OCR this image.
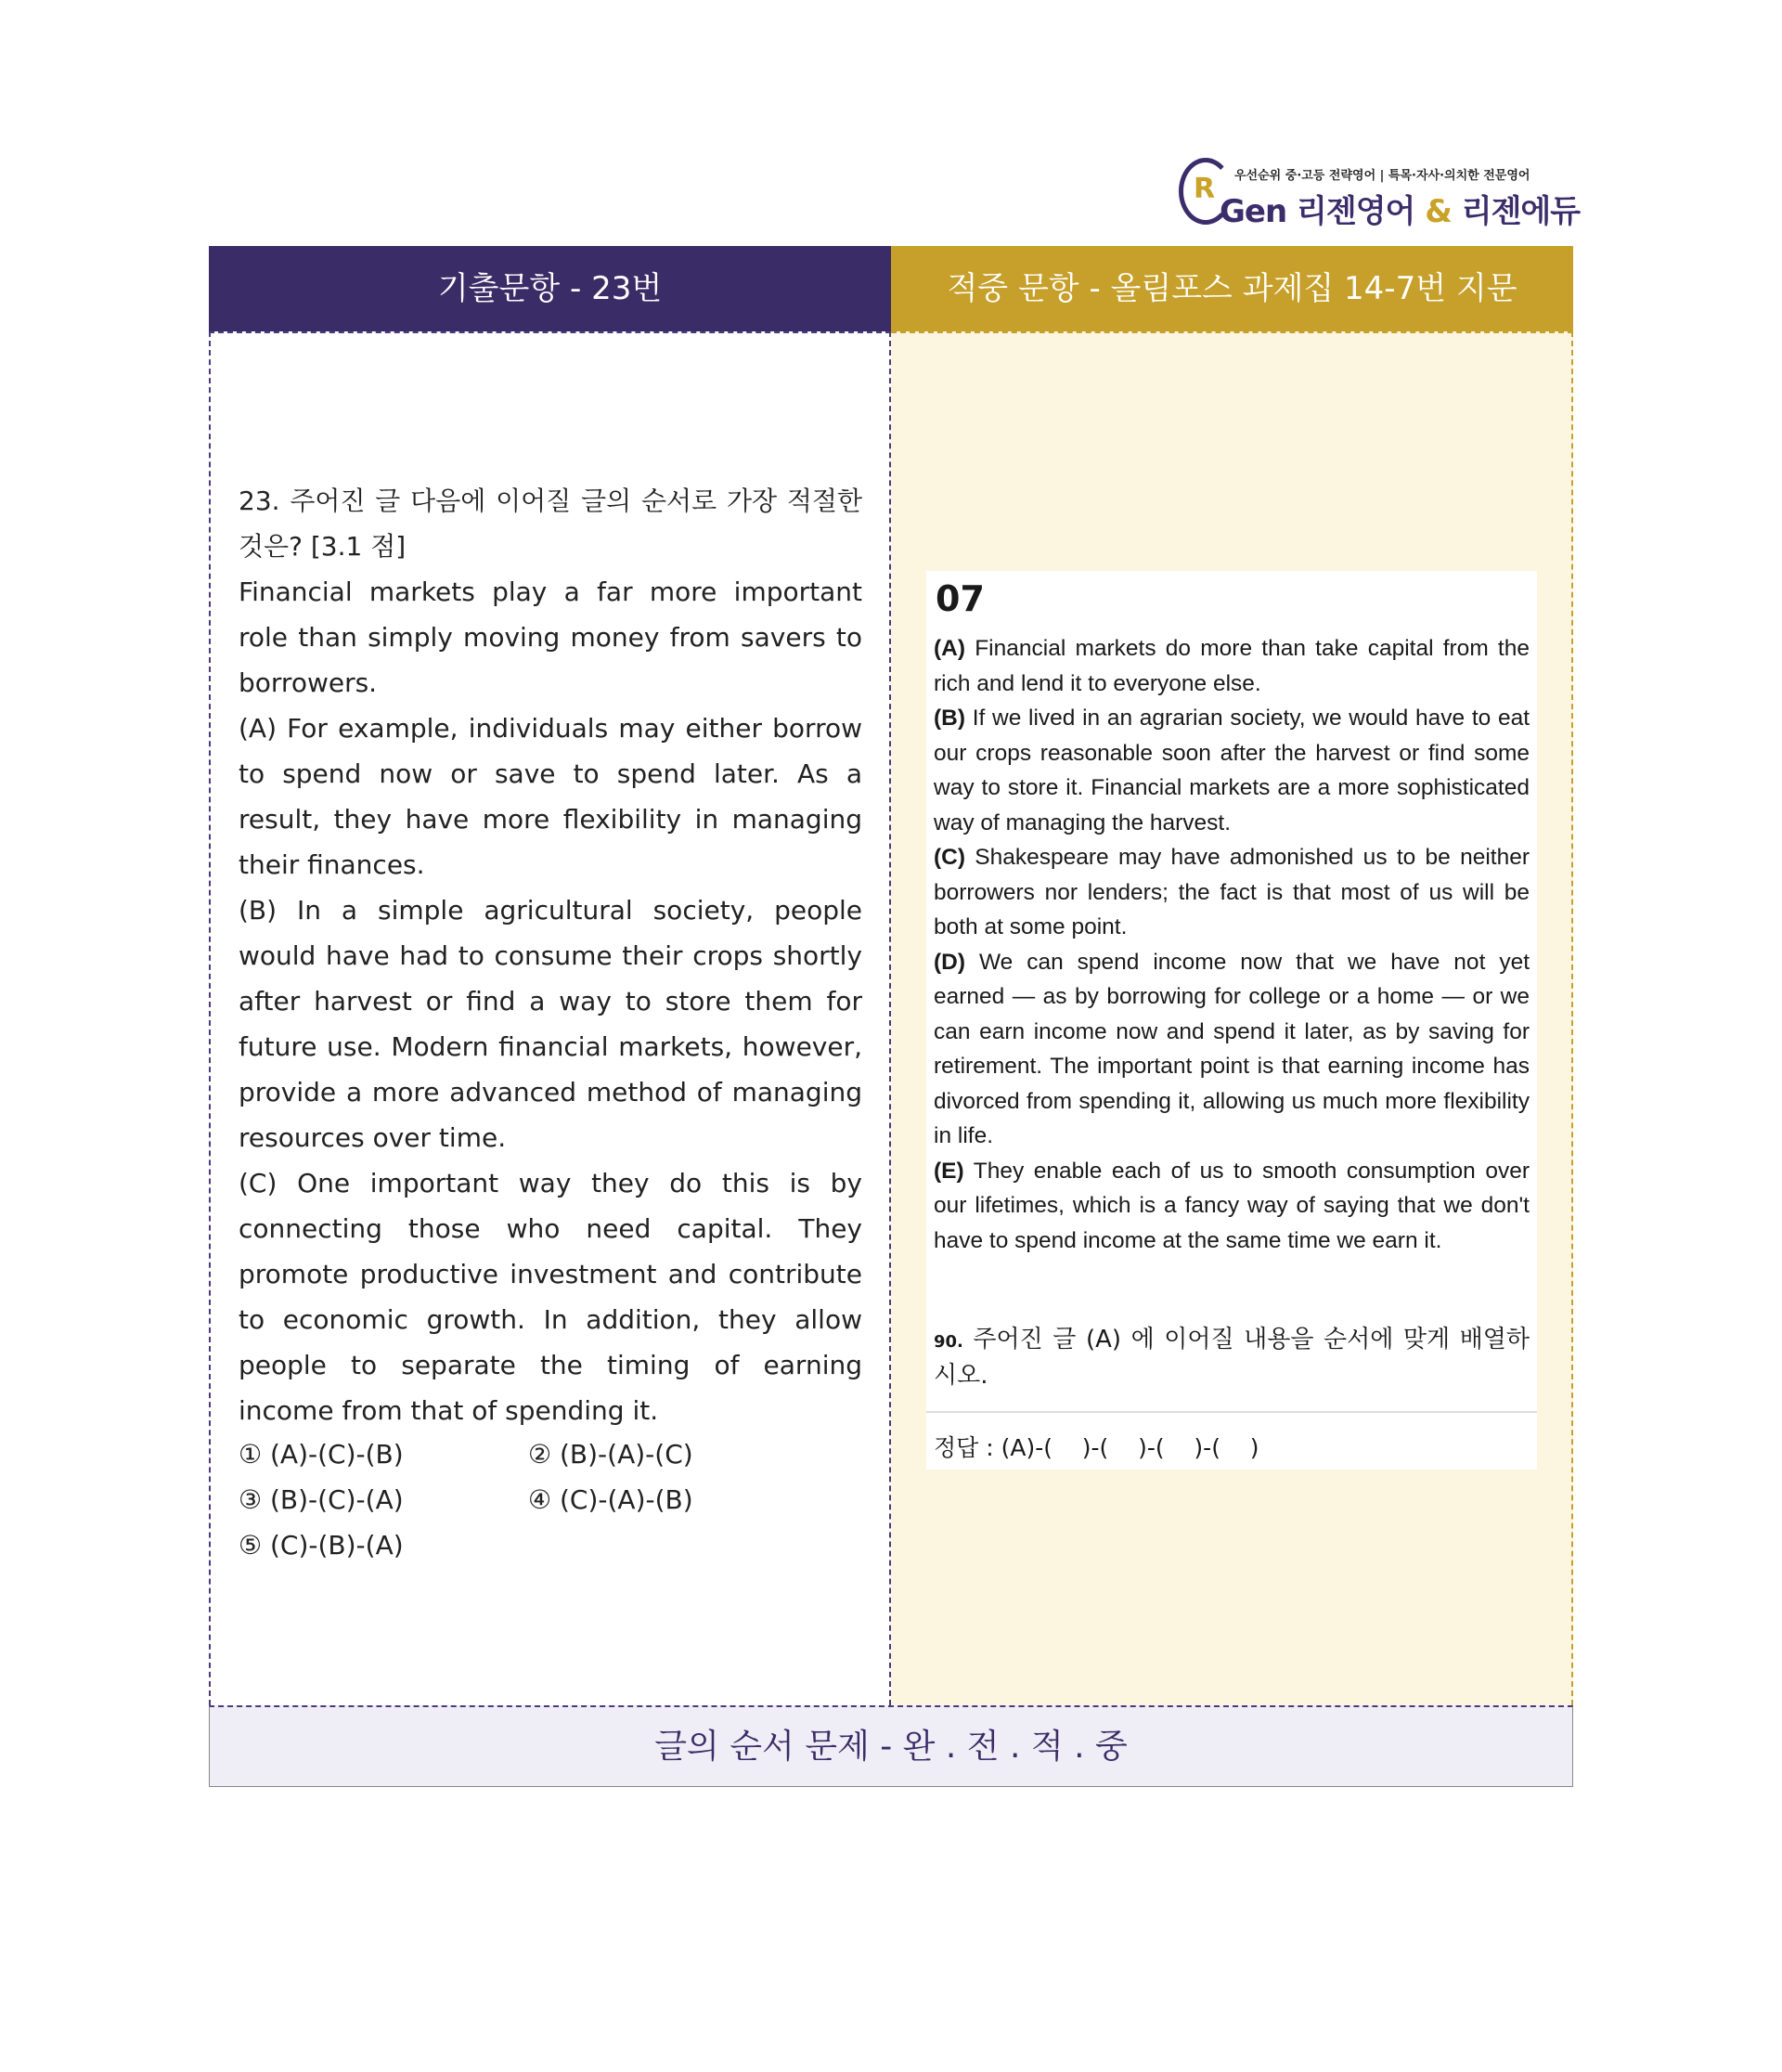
R 우선순위 중·고등 전략영어 | 특목·자사·의치한 전문영어
Gen 리젠영어 & 리젠에듀
기출문항 - 23번	적중 문항 - 올림포스 과제집 14-7번 지문
글의 순서 문제 - 완 . 전 . 적 . 중

23. 주어진 글 다음에 이어질 글의 순서로 가장 적절한 것은? [3.1 점]

Financial markets play a far more important role than simply moving money from savers to borrowers.

(A) For example, individuals may either borrow to spend now or save to spend later. As a result, they have more flexibility in managing their finances.

(B) In a simple agricultural society, people would have had to consume their crops shortly after harvest or find a way to store them for future use. Modern financial markets, however, provide a more advanced method of managing resources over time.

(C) One important way they do this is by connecting those who need capital. They promote productive investment and contribute to economic growth. In addition, they allow people to separate the timing of earning income from that of spending it.

① (A)-(C)-(B)	② (B)-(A)-(C)
③ (B)-(C)-(A)	④ (C)-(A)-(B)
⑤ (C)-(B)-(A)
07

(A) Financial markets do more than take capital from the rich and lend it to everyone else.

(B) If we lived in an agrarian society, we would have to eat our crops reasonable soon after the harvest or find some way to store it. Financial markets are a more sophisticated way of managing the harvest.

(C) Shakespeare may have admonished us to be neither borrowers nor lenders; the fact is that most of us will be both at some point.

(D) We can spend income now that we have not yet earned — as by borrowing for college or a home — or we can earn income now and spend it later, as by saving for retirement. The important point is that earning income has divorced from spending it, allowing us much more flexibility in life.

(E) They enable each of us to smooth consumption over our lifetimes, which is a fancy way of saying that we don't have to spend income at the same time we earn it.

90. 주어진 글 (A) 에 이어질 내용을 순서에 맞게 배열하시오.
정답 : (A)-(    )-(    )-(    )-(    )
